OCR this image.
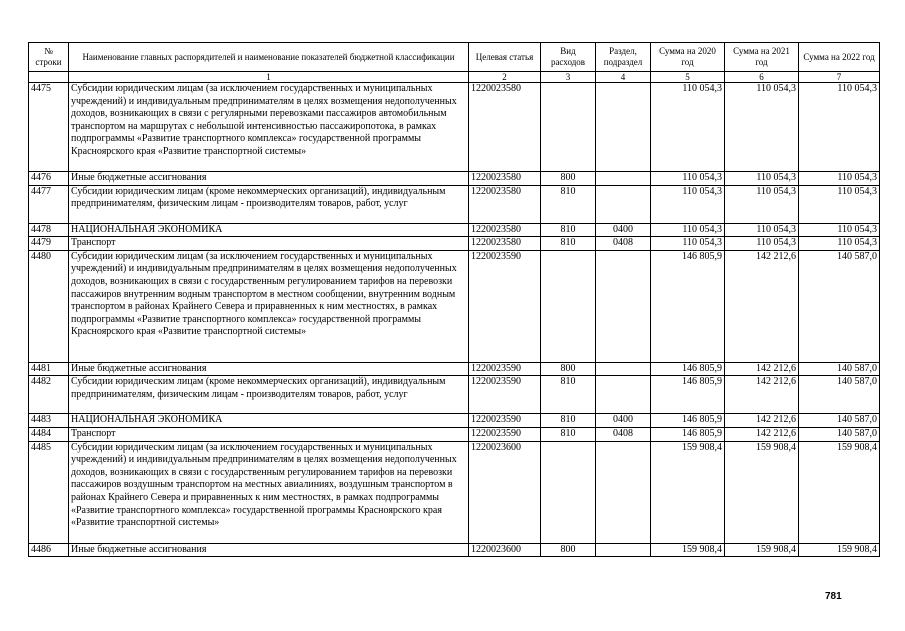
№ строки	Наименование главных распорядителей и наименование показателей бюджетной классификации	Целевая статья	Вид расходов	Раздел, подраздел	Сумма на 2020 год	Сумма на 2021 год	Сумма на 2022 год
	1	2	3	4	5	6	7
4475	Субсидии юридическим лицам (за исключением государственных и муниципальных учреждений) и индивидуальным предпринимателям в целях возмещения недополученных доходов, возникающих в связи с регулярными перевозками пассажиров автомобильным транспортом на маршрутах с небольшой интенсивностью пассажиропотока, в рамках подпрограммы «Развитие транспортного комплекса» государственной программы Красноярского края «Развитие транспортной системы»	1220023580			110 054,3	110 054,3	110 054,3
4476	Иные бюджетные ассигнования	1220023580	800		110 054,3	110 054,3	110 054,3
4477	Субсидии юридическим лицам (кроме некоммерческих организаций), индивидуальным предпринимателям, физическим лицам - производителям товаров, работ, услуг	1220023580	810		110 054,3	110 054,3	110 054,3
4478	НАЦИОНАЛЬНАЯ ЭКОНОМИКА	1220023580	810	0400	110 054,3	110 054,3	110 054,3
4479	Транспорт	1220023580	810	0408	110 054,3	110 054,3	110 054,3
4480	Субсидии юридическим лицам (за исключением государственных и муниципальных учреждений) и индивидуальным предпринимателям в целях возмещения недополученных доходов, возникающих в связи с государственным регулированием тарифов на перевозки пассажиров внутренним водным транспортом в местном сообщении, внутренним водным транспортом в районах Крайнего Севера и приравненных к ним местностях, в рамках подпрограммы «Развитие транспортного комплекса» государственной программы Красноярского края «Развитие транспортной системы»	1220023590			146 805,9	142 212,6	140 587,0
4481	Иные бюджетные ассигнования	1220023590	800		146 805,9	142 212,6	140 587,0
4482	Субсидии юридическим лицам (кроме некоммерческих организаций), индивидуальным предпринимателям, физическим лицам - производителям товаров, работ, услуг	1220023590	810		146 805,9	142 212,6	140 587,0
4483	НАЦИОНАЛЬНАЯ ЭКОНОМИКА	1220023590	810	0400	146 805,9	142 212,6	140 587,0
4484	Транспорт	1220023590	810	0408	146 805,9	142 212,6	140 587,0
4485	Субсидии юридическим лицам (за исключением государственных и муниципальных учреждений) и индивидуальным предпринимателям в целях возмещения недополученных доходов, возникающих в связи с государственным регулированием тарифов на перевозки пассажиров воздушным транспортом на местных авиалиниях, воздушным транспортом в районах Крайнего Севера и приравненных к ним местностях, в рамках подпрограммы «Развитие транспортного комплекса» государственной программы Красноярского края «Развитие транспортной системы»	1220023600			159 908,4	159 908,4	159 908,4
4486	Иные бюджетные ассигнования	1220023600	800		159 908,4	159 908,4	159 908,4
781
